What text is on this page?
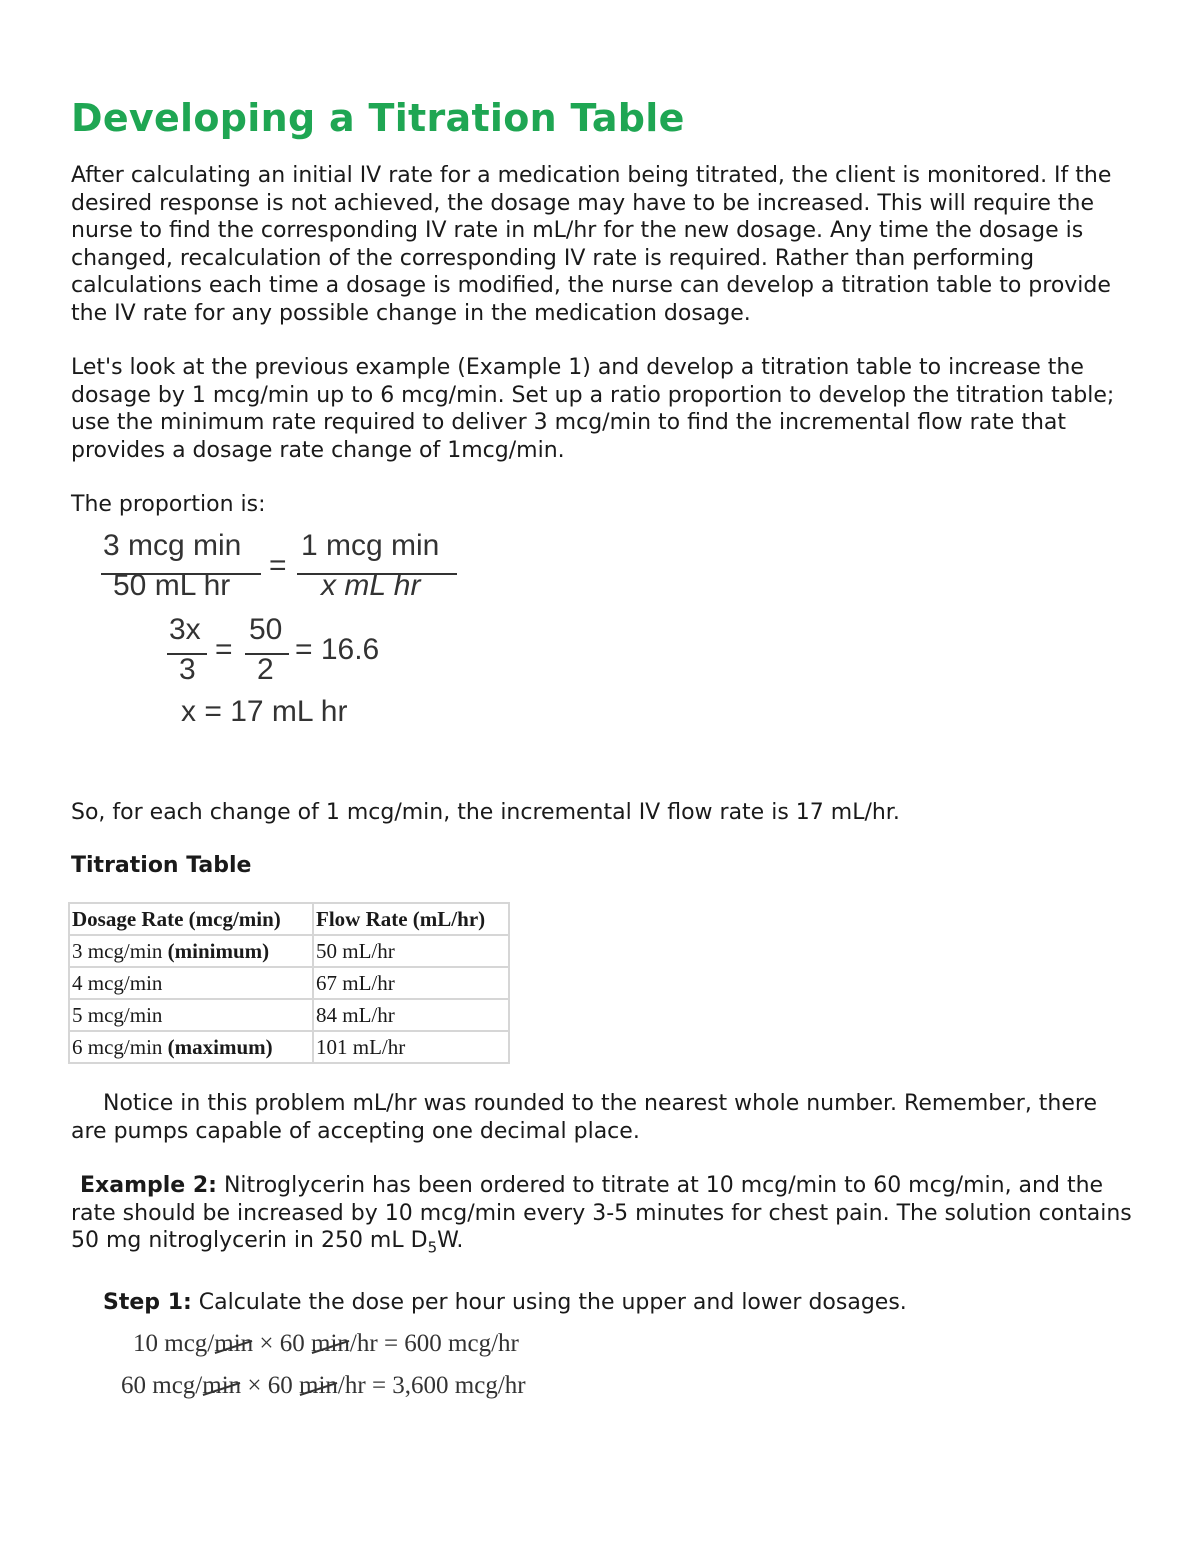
Developing a Titration Table

After calculating an initial IV rate for a medication being titrated, the client is monitored. If the desired response is not achieved, the dosage may have to be increased. This will require the nurse to find the corresponding IV rate in mL/hr for the new dosage. Any time the dosage is changed, recalculation of the corresponding IV rate is required. Rather than performing calculations each time a dosage is modified, the nurse can develop a titration table to provide the IV rate for any possible change in the medication dosage.

Let's look at the previous example (Example 1) and develop a titration table to increase the dosage by 1 mcg/min up to 6 mcg/min. Set up a ratio proportion to develop the titration table; use the minimum rate required to deliver 3 mcg/min to find the incremental flow rate that provides a dosage rate change of 1mcg/min.

The proportion is:

3 mcg min
50 mL hr
=
1 mcg min
x mL hr
3x
3
=
50
2
= 16.6
x = 17 mL hr

So, for each change of 1 mcg/min, the incremental IV flow rate is 17 mL/hr.

Titration Table
Dosage Rate (mcg/min)	Flow Rate (mL/hr)
3 mcg/min (minimum)	50 mL/hr
4 mcg/min	67 mL/hr
5 mcg/min	84 mL/hr
6 mcg/min (maximum)	101 mL/hr

Notice in this problem mL/hr was rounded to the nearest whole number. Remember, there are pumps capable of accepting one decimal place.

Example 2: Nitroglycerin has been ordered to titrate at 10 mcg/min to 60 mcg/min, and the rate should be increased by 10 mcg/min every 3-5 minutes for chest pain. The solution contains 50 mg nitroglycerin in 250 mL $D_5W$.

Step 1: Calculate the dose per hour using the upper and lower dosages.

10 mcg/min × 60 min/hr = 600 mcg/hr
60 mcg/min × 60 min/hr = 3,600 mcg/hr
